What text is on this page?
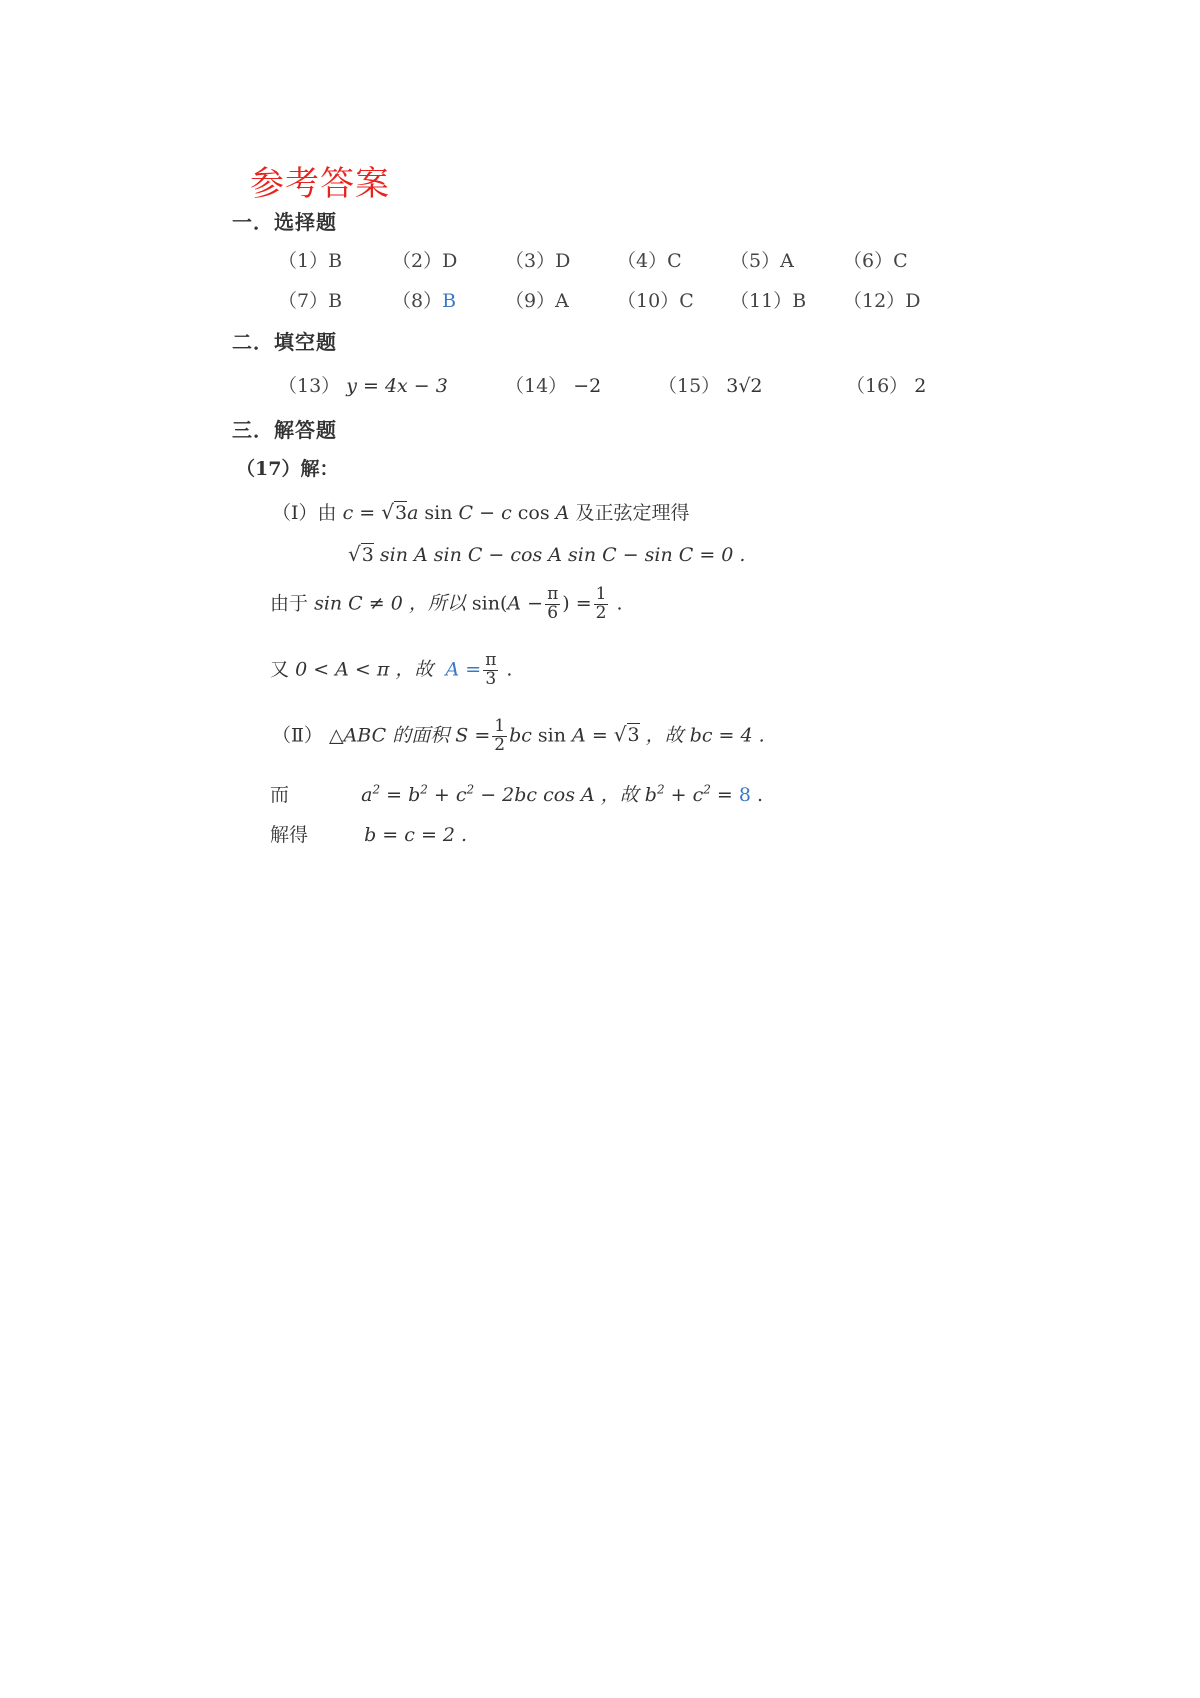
参考答案
一．选择题
（1）B	（2）D	（3）D （4）C	（5）A	（6）C
（7）B	（8）B	（9）A	（10）C （11）B （12）D
二．填空题
（13） y = 4x − 3	（14） −2	（15） 3√2	（16） 2
三．解答题
（17）解：
（Ⅰ）由 c = √3a sin C − c cos A 及正弦定理得
√3 sin A sin C − cos A sin C − sin C = 0 .
由于 sin C ≠ 0 ，所以 $\sin(A - \frac{\pi}{6}$ ) = $\frac{1}{2}$ .
又 0 < A < π ，故  $A = \frac{\pi}{3}$ .
（Ⅱ） △ABC 的面积 $S = \frac{1}{2}$ bc sin A = √3 ，故 bc = 4 .
而	$a^2 = b^2 + c^2 - 2bc$ cos A ，故 $b^2 + c^2 = 8$ .
解得	b = c = 2 .
